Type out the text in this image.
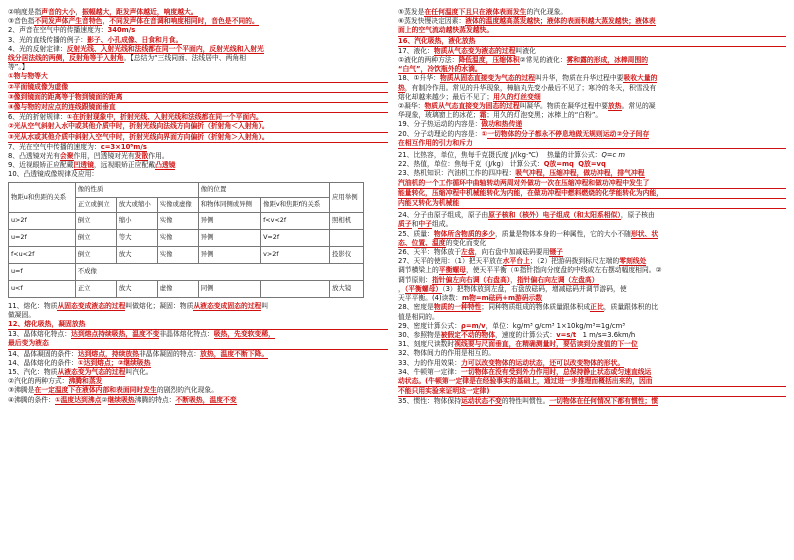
②响度是指声音的大小，振幅越大，距发声体越近，响度越大。
③音色指不同发声体产生音特色，不同发声体在音调和响度相同时，音色是不同的。
2、声音在空气中的传播速度为：340m/s
3、光的直线传播的例子：影子、小孔成像、日食和月食。
4、光的反射定律：反射光线、入射光线和法线都在同一个平面内，反射光线和入射光
线分居法线的两侧，反射角等于入射角。【总结为“三线同面、法线居中、两角相
等”。】
①物与物等大
②平面镜成像为虚像
③像到镜面的距离等于物到镜面的距离
④像与物的对应点的连线跟镜面垂直
6、光的折射规律：①在折射现象中，折射光线、入射光线和法线都在同一个平面内。
②光从空气斜射入水中或其他介质中时，折射光线向法线方向偏折（折射角＜入射角）。
③光从水或其他介质中斜射入空气中时，折射光线向界面方向偏折（折射角＞入射角）。
7、光在空气中传播的速度为：c=3×10⁸m/s
8、凸透镜对光有会聚作用，凹透镜对光有发散作用。
9、近视眼矫正应配戴凹透镜，远视眼矫正应配戴凸透镜
10、凸透镜成像规律及应用：
物距u和焦距的关系	像的性质			像的位置		应用举例
	正立或倒立	放大或缩小	实像或虚像	和物体同侧或异侧	像距v和焦距f的关系	
u>2f	倒立	缩小	实像	异侧	f<v<2f	照相机
u=2f	倒立	等大	实像	异侧	V=2f	
f<u<2f	倒立	放大	实像	异侧	v>2f	投影仪
u=f	不成像					
u<f	正立	放大	虚像	同侧		放大镜
11、熔化：物质从固态变成液态的过程叫做熔化；凝固：物质从液态变成固态的过程叫
做凝固。
12、熔化吸热，凝固放热
13、晶体熔化特点：达到熔点持续吸热，温度不变非晶体熔化特点：吸热，先变软变稀，
最后变为液态
14、晶体凝固的条件：达到熔点，持续放热非晶体凝固的特点：放热，温度不断下降。
14、晶体熔化的条件：①达到熔点；②继续吸热
15、汽化：物质从液态变为气态的过程叫汽化。
②汽化的两种方式：沸腾和蒸发
③沸腾是在一定温度下在液体内部和表面同时发生的剧烈的汽化现象。
④沸腾的条件：①温度达到沸点②继续吸热沸腾的特点：不断吸热，温度不变
⑤蒸发是在任何温度下且只在液体表面发生的汽化现象。
⑥蒸发快慢决定因素：液体的温度越高蒸发越快；液体的表面积越大蒸发越快；液体表
面上的空气流动越快蒸发越快。
16、汽化吸热，液化放热
17、液化：物质从气态变为液态的过程叫液化
①液化的两种方法：降低温度，压缩体积②常见的液化：雾和露的形成，冰棒周围的
“白气”，冷饮瓶外的水滴。
18、①升华：物质从固态直接变为气态的过程叫升华，物质在升华过程中要吸收大量的
热，有制冷作用。常见的升华现象，樟脑丸先变小最后不见了；寒冷的冬天，积雪没有
熔化却越来越少；最后不见了；用久的灯丝变细
②凝华：物质从气态直接变为固态的过程叫凝华。物质在凝华过程中要放热。常见的凝
华现象，玻璃窗上的冰花；霜；用久的灯泡变黑；冰棒上的“白粉”。
19、分子热运动的内容是：做功和热传递
20、分子动理论的内容是：①一切物体的分子都永不停息地做无规则运动②分子间存
在相互作用的引力和斥力
21、比热容，单位，焦每千克摄氏度 J/(kg·℃) 热量的计算公式：Q=c m
22、热值，单位：焦每千克（J/kg） 计算公式：Q放=mq Q放=vq
23、热机知识：汽油机工作的四冲程：吸气冲程，压缩冲程，做功冲程，排气冲程
汽油机的一个工作循环中曲轴转动两周对外做功一次在压缩冲程和做功冲程中发生了
能量转化，压缩冲程中机械能转化为内能，在做功冲程中燃料燃烧的化学能转化为内能，
内能又转化为机械能
24、分子由原子组成，原子由原子核和（核外）电子组成（和太阳系相似），原子核由
质子和中子组成。
25、质量：物体所含物质的多少，质量是物体本身的一种属性，它的大小不随形状、状
态、位置、温度的变化而变化
26、天平：物体放于左盘，向右盘中加减砝码要用镊子
27、天平的使用：（1）把天平放在水平台上；（2）把游码拨到标尺左端的零刻线处
调节横梁上的平衡螺母，使天平平衡（①指针指向分度盘的中线或左右摆动幅度相同。②
调节原则：指针偏左向右调（右盘高），指针偏右向左调（左盘高）
，（平衡螺母）（3）把物体放到左盘，右盘放砝码，增减砝码并调节游码，使
天平平衡。(4)读数：m物=m砝码+m游码示数
28、密度是物质的一种特性；同种物质组成的物体质量跟体积成正比，质量跟体积的比
值是相同的。
29、密度计算公式：ρ=m/v，单位：kg/m³ g/cm³ 1×10kg/m³=1g/cm³
30、参照物是被假定不动的物体，速度的计算公式：v=s/t 1 m/s=3.6km/h
31、刻度尺读数时视线要与尺面垂直，在精确测量时，要估读到分度值的下一位
32、物体间力的作用是相互的。
33、力的作用效果：力可以改变物体的运动状态，还可以改变物体的形状。
34、牛顿第一定律：一切物体在没有受到外力作用时，总保持静止状态或匀速直线运
动状态。(牛顿第一定律是在经验事实的基础上，通过进一步推理而概括出来的，因而
不能只用实验来证明这一定律)
35、惯性：物体保持运动状态不变的特性叫惯性。一切物体在任何情况下都有惯性；惯
